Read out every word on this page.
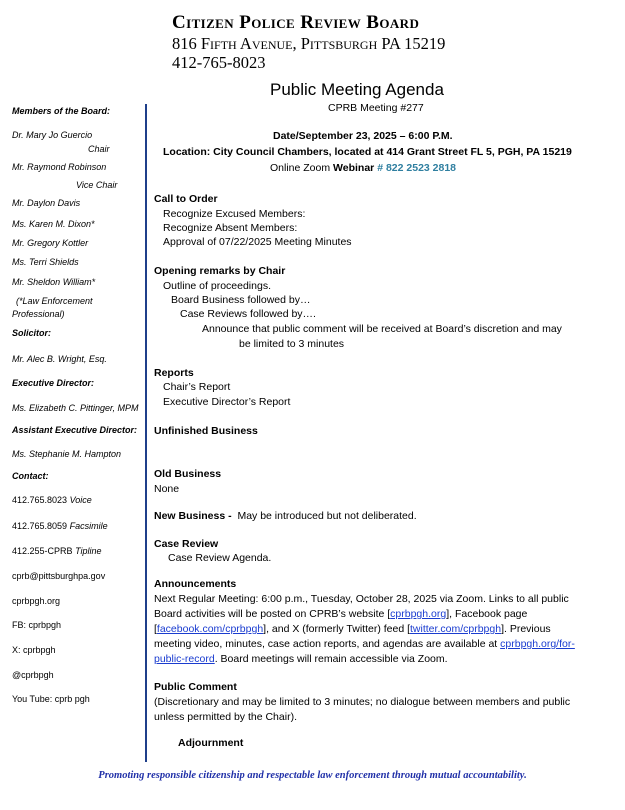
Citizen Police Review Board
816 Fifth Avenue, Pittsburgh PA 15219
412-765-8023
Members of the Board:
Dr. Mary Jo Guercio
Chair
Mr. Raymond Robinson
Vice Chair
Mr. Daylon Davis
Ms. Karen M. Dixon*
Mr. Gregory Kottler
Ms. Terri Shields
Mr. Sheldon William*
(*Law Enforcement
Professional)
Solicitor:
Mr. Alec B. Wright, Esq.
Executive Director:
Ms. Elizabeth C. Pittinger, MPM
Assistant Executive Director:
Ms. Stephanie M. Hampton
Contact:
412.765.8023 Voice
412.765.8059 Facsimile
412.255-CPRB Tipline
cprb@pittsburghpa.gov
cprbpgh.org
FB: cprbpgh
X: cprbpgh
@cprbpgh
You Tube: cprb pgh
Public Meeting Agenda
CPRB Meeting #277
Date/September 23, 2025 – 6:00 P.M.
Location: City Council Chambers, located at 414 Grant Street FL 5, PGH, PA 15219
Online Zoom Webinar # 822 2523 2818
Call to Order
Recognize Excused Members:
Recognize Absent Members:
Approval of 07/22/2025 Meeting Minutes
Opening remarks by Chair
Outline of proceedings.
Board Business followed by…
Case Reviews followed by….
Announce that public comment will be received at Board’s discretion and may
be limited to 3 minutes
Reports
Chair’s Report
Executive Director’s Report
Unfinished Business
Old Business
None
New Business - May be introduced but not deliberated.
Case Review
Case Review Agenda.
Announcements
Next Regular Meeting: 6:00 p.m., Tuesday, October 28, 2025 via Zoom. Links to all public
Board activities will be posted on CPRB’s website [cprbpgh.org], Facebook page
[facebook.com/cprbpgh], and X (formerly Twitter) feed [twitter.com/cprbpgh]. Previous
meeting video, minutes, case action reports, and agendas are available at cprbpgh.org/for-
public-record. Board meetings will remain accessible via Zoom.
Public Comment
(Discretionary and may be limited to 3 minutes; no dialogue between members and public
unless permitted by the Chair).
Adjournment
Promoting responsible citizenship and respectable law enforcement through mutual accountability.
